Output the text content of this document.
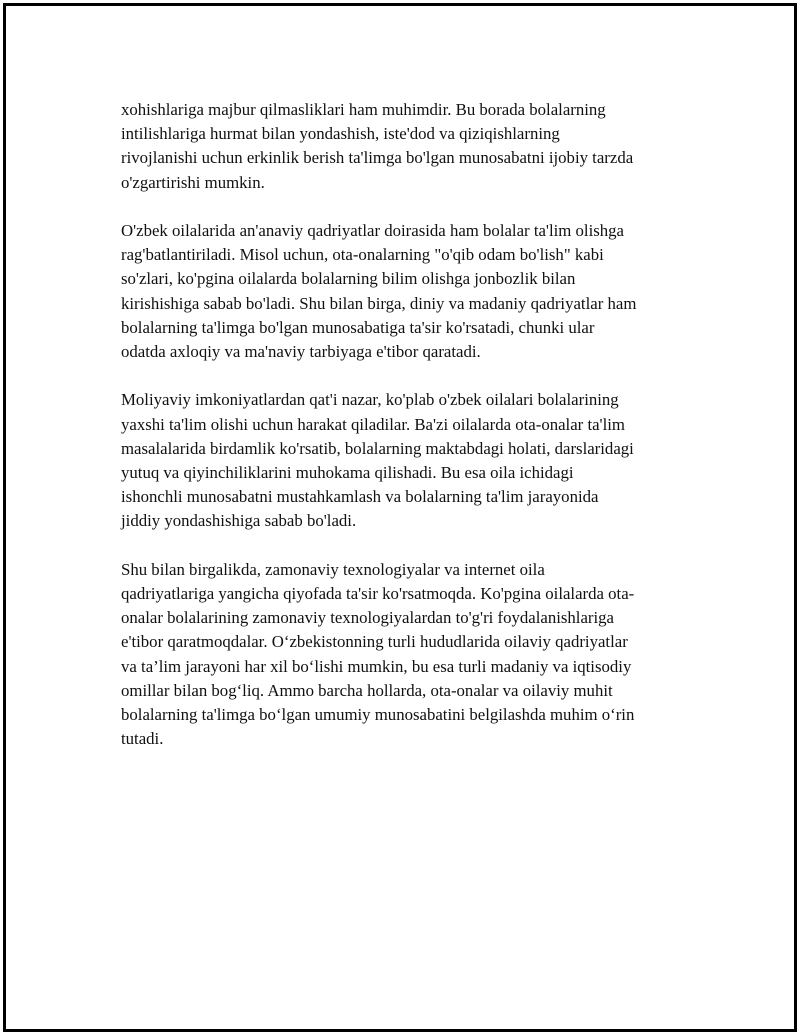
xohishlariga majbur qilmasliklari ham muhimdir. Bu borada bolalarning
intilishlariga hurmat bilan yondashish, iste'dod va qiziqishlarning
rivojlanishi uchun erkinlik berish ta'limga bo'lgan munosabatni ijobiy tarzda
o'zgartirishi mumkin.

O'zbek oilalarida an'anaviy qadriyatlar doirasida ham bolalar ta'lim olishga
rag'batlantiriladi. Misol uchun, ota-onalarning "o'qib odam bo'lish" kabi
so'zlari, ko'pgina oilalarda bolalarning bilim olishga jonbozlik bilan
kirishishiga sabab bo'ladi. Shu bilan birga, diniy va madaniy qadriyatlar ham
bolalarning ta'limga bo'lgan munosabatiga ta'sir ko'rsatadi, chunki ular
odatda axloqiy va ma'naviy tarbiyaga e'tibor qaratadi.

Moliyaviy imkoniyatlardan qat'i nazar, ko'plab o'zbek oilalari bolalarining
yaxshi ta'lim olishi uchun harakat qiladilar. Ba'zi oilalarda ota-onalar ta'lim
masalalarida birdamlik ko'rsatib, bolalarning maktabdagi holati, darslaridagi
yutuq va qiyinchiliklarini muhokama qilishadi. Bu esa oila ichidagi
ishonchli munosabatni mustahkamlash va bolalarning ta'lim jarayonida
jiddiy yondashishiga sabab bo'ladi.

Shu bilan birgalikda, zamonaviy texnologiyalar va internet oila
qadriyatlariga yangicha qiyofada ta'sir ko'rsatmoqda. Ko'pgina oilalarda ota-
onalar bolalarining zamonaviy texnologiyalardan to'g'ri foydalanishlariga
e'tibor qaratmoqdalar. O‘zbekistonning turli hududlarida oilaviy qadriyatlar
va ta’lim jarayoni har xil bo‘lishi mumkin, bu esa turli madaniy va iqtisodiy
omillar bilan bog‘liq. Ammo barcha hollarda, ota-onalar va oilaviy muhit
bolalarning ta'limga bo‘lgan umumiy munosabatini belgilashda muhim o‘rin
tutadi.
